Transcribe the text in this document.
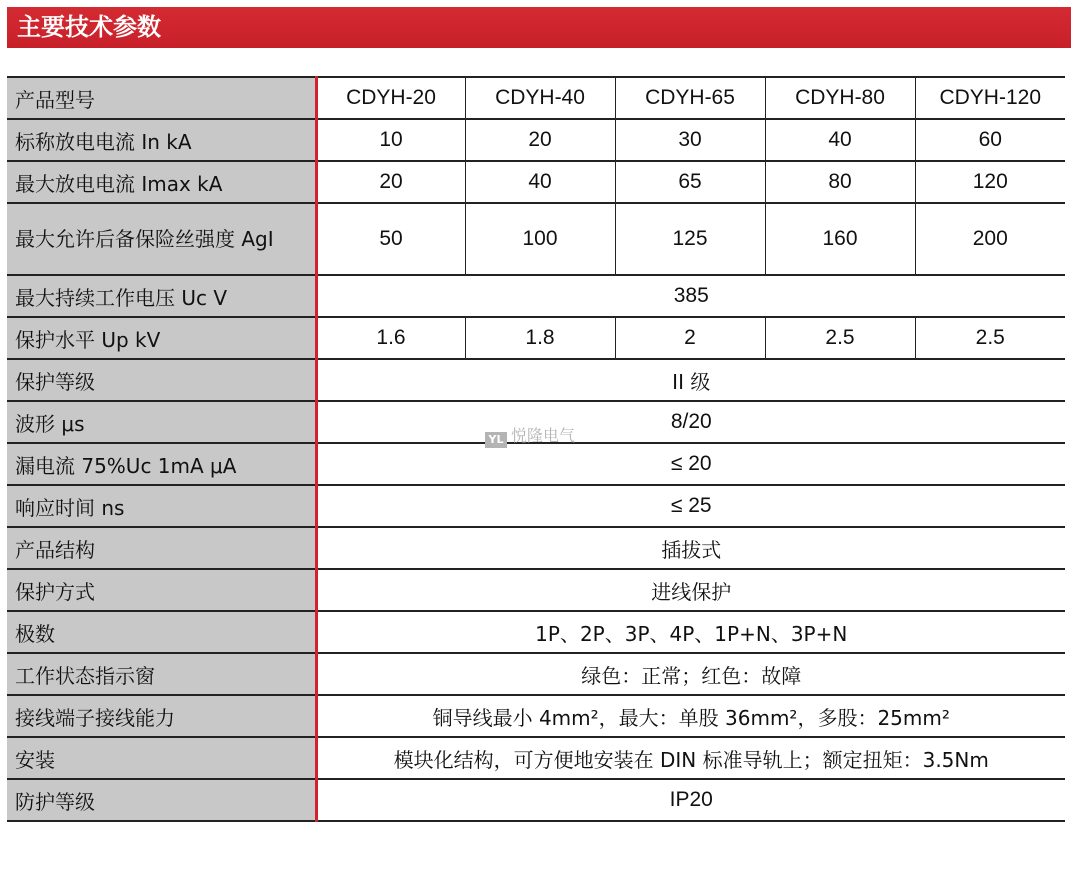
主要技术参数
产品型号	CDYH-20	CDYH-40	CDYH-65	CDYH-80	CDYH-120
标称放电电流 In kA	10	20	30	40	60
最大放电电流 Imax kA	20	40	65	80	120
最大允许后备保险丝强度 AgI	50	100	125	160	200
最大持续工作电压 Uc V	385				
保护水平 Up kV	1.6	1.8	2	2.5	2.5
保护等级	II 级				
波形 μs	8/20				
漏电流 75%Uc 1mA μA	≤ 20				
响应时间 ns	≤ 25				
产品结构	插拔式				
保护方式	进线保护				
极数	1P、2P、3P、4P、1P+N、3P+N				
工作状态指示窗	绿色：正常；红色：故障				
接线端子接线能力	铜导线最小 4mm²，最大：单股 36mm²，多股：25mm²				
安装	模块化结构，可方便地安装在 DIN 标准导轨上；额定扭矩：3.5Nm				
防护等级	IP20				
YL 悦隆电气
